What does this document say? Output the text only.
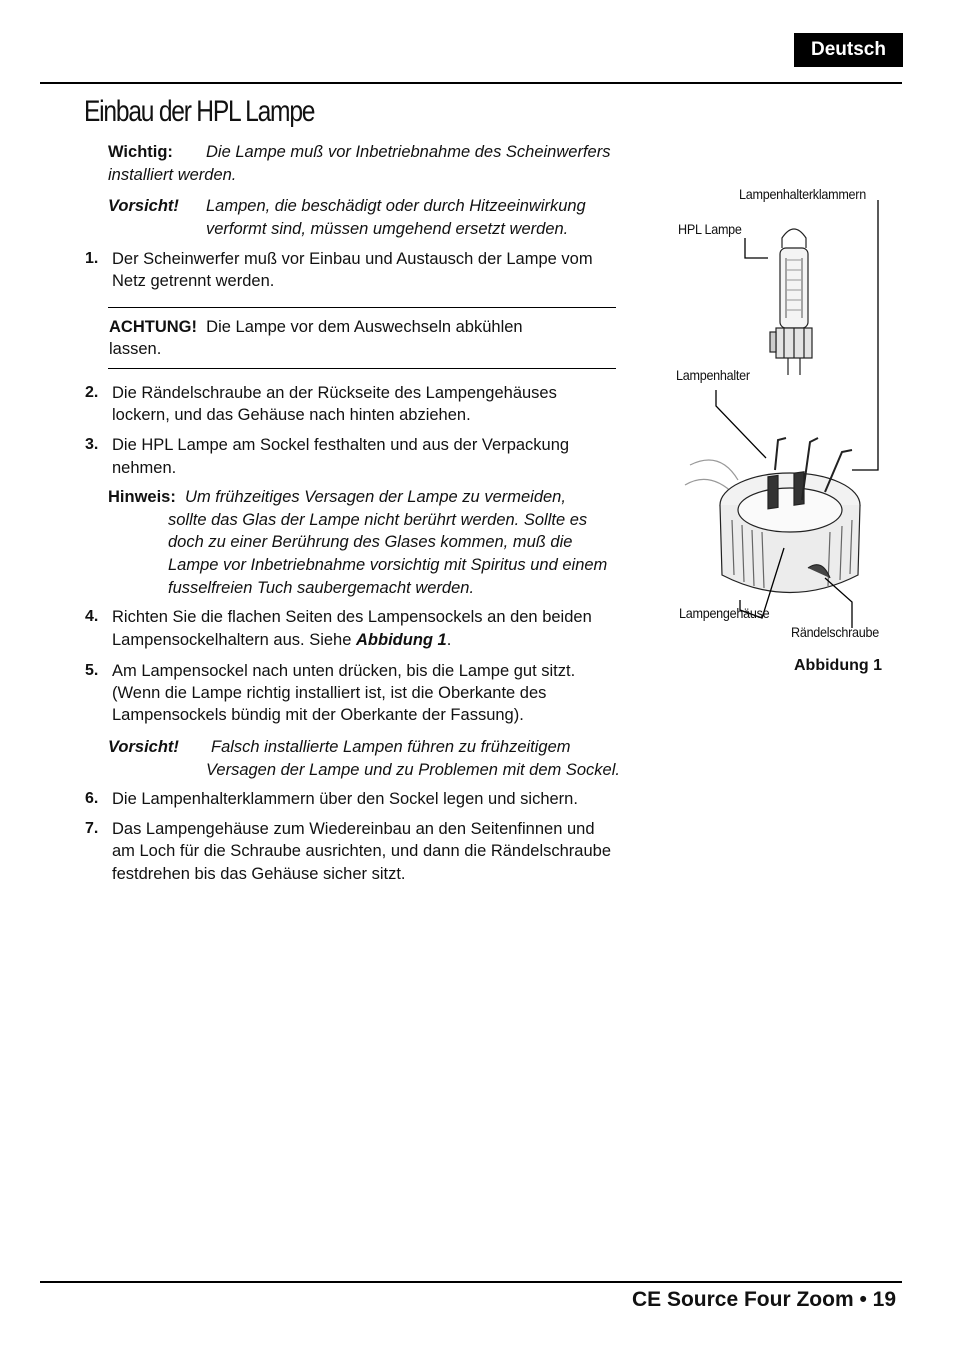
Deutsch
Einbau der HPL Lampe
Wichtig: Die Lampe muß vor Inbetriebnahme des Scheinwerfers
installiert werden.
Vorsicht! Lampen, die beschädigt oder durch Hitzeeinwirkung
verformt sind, müssen umgehend ersetzt werden.
1. Der Scheinwerfer muß vor Einbau und Austausch der Lampe vom
Netz getrennt werden.
ACHTUNG! Die Lampe vor dem Auswechseln abkühlen
lassen.
2. Die Rändelschraube an der Rückseite des Lampengehäuses
lockern, und das Gehäuse nach hinten abziehen.
3. Die HPL Lampe am Sockel festhalten und aus der Verpackung
nehmen.
Hinweis: Um frühzeitiges Versagen der Lampe zu vermeiden,
sollte das Glas der Lampe nicht berührt werden. Sollte es
doch zu einer Berührung des Glases kommen, muß die
Lampe vor Inbetriebnahme vorsichtig mit Spiritus und einem
fusselfreien Tuch saubergemacht werden.
4. Richten Sie die flachen Seiten des Lampensockels an den beiden
Lampensockelhaltern aus. Siehe Abbidung 1.
5. Am Lampensockel nach unten drücken, bis die Lampe gut sitzt.
(Wenn die Lampe richtig installiert ist, ist die Oberkante des
Lampensockels bündig mit der Oberkante der Fassung).
Vorsicht! Falsch installierte Lampen führen zu frühzeitigem
Versagen der Lampe und zu Problemen mit dem Sockel.
6. Die Lampenhalterklammern über den Sockel legen und sichern.
7. Das Lampengehäuse zum Wiedereinbau an den Seitenfinnen und
am Loch für die Schraube ausrichten, und dann die Rändelschraube
festdrehen bis das Gehäuse sicher sitzt.
Lampenhalterklammern
HPL Lampe
Lampenhalter
Lampengehäuse
Rändelschraube
Abbidung 1
CE Source Four Zoom • 19
